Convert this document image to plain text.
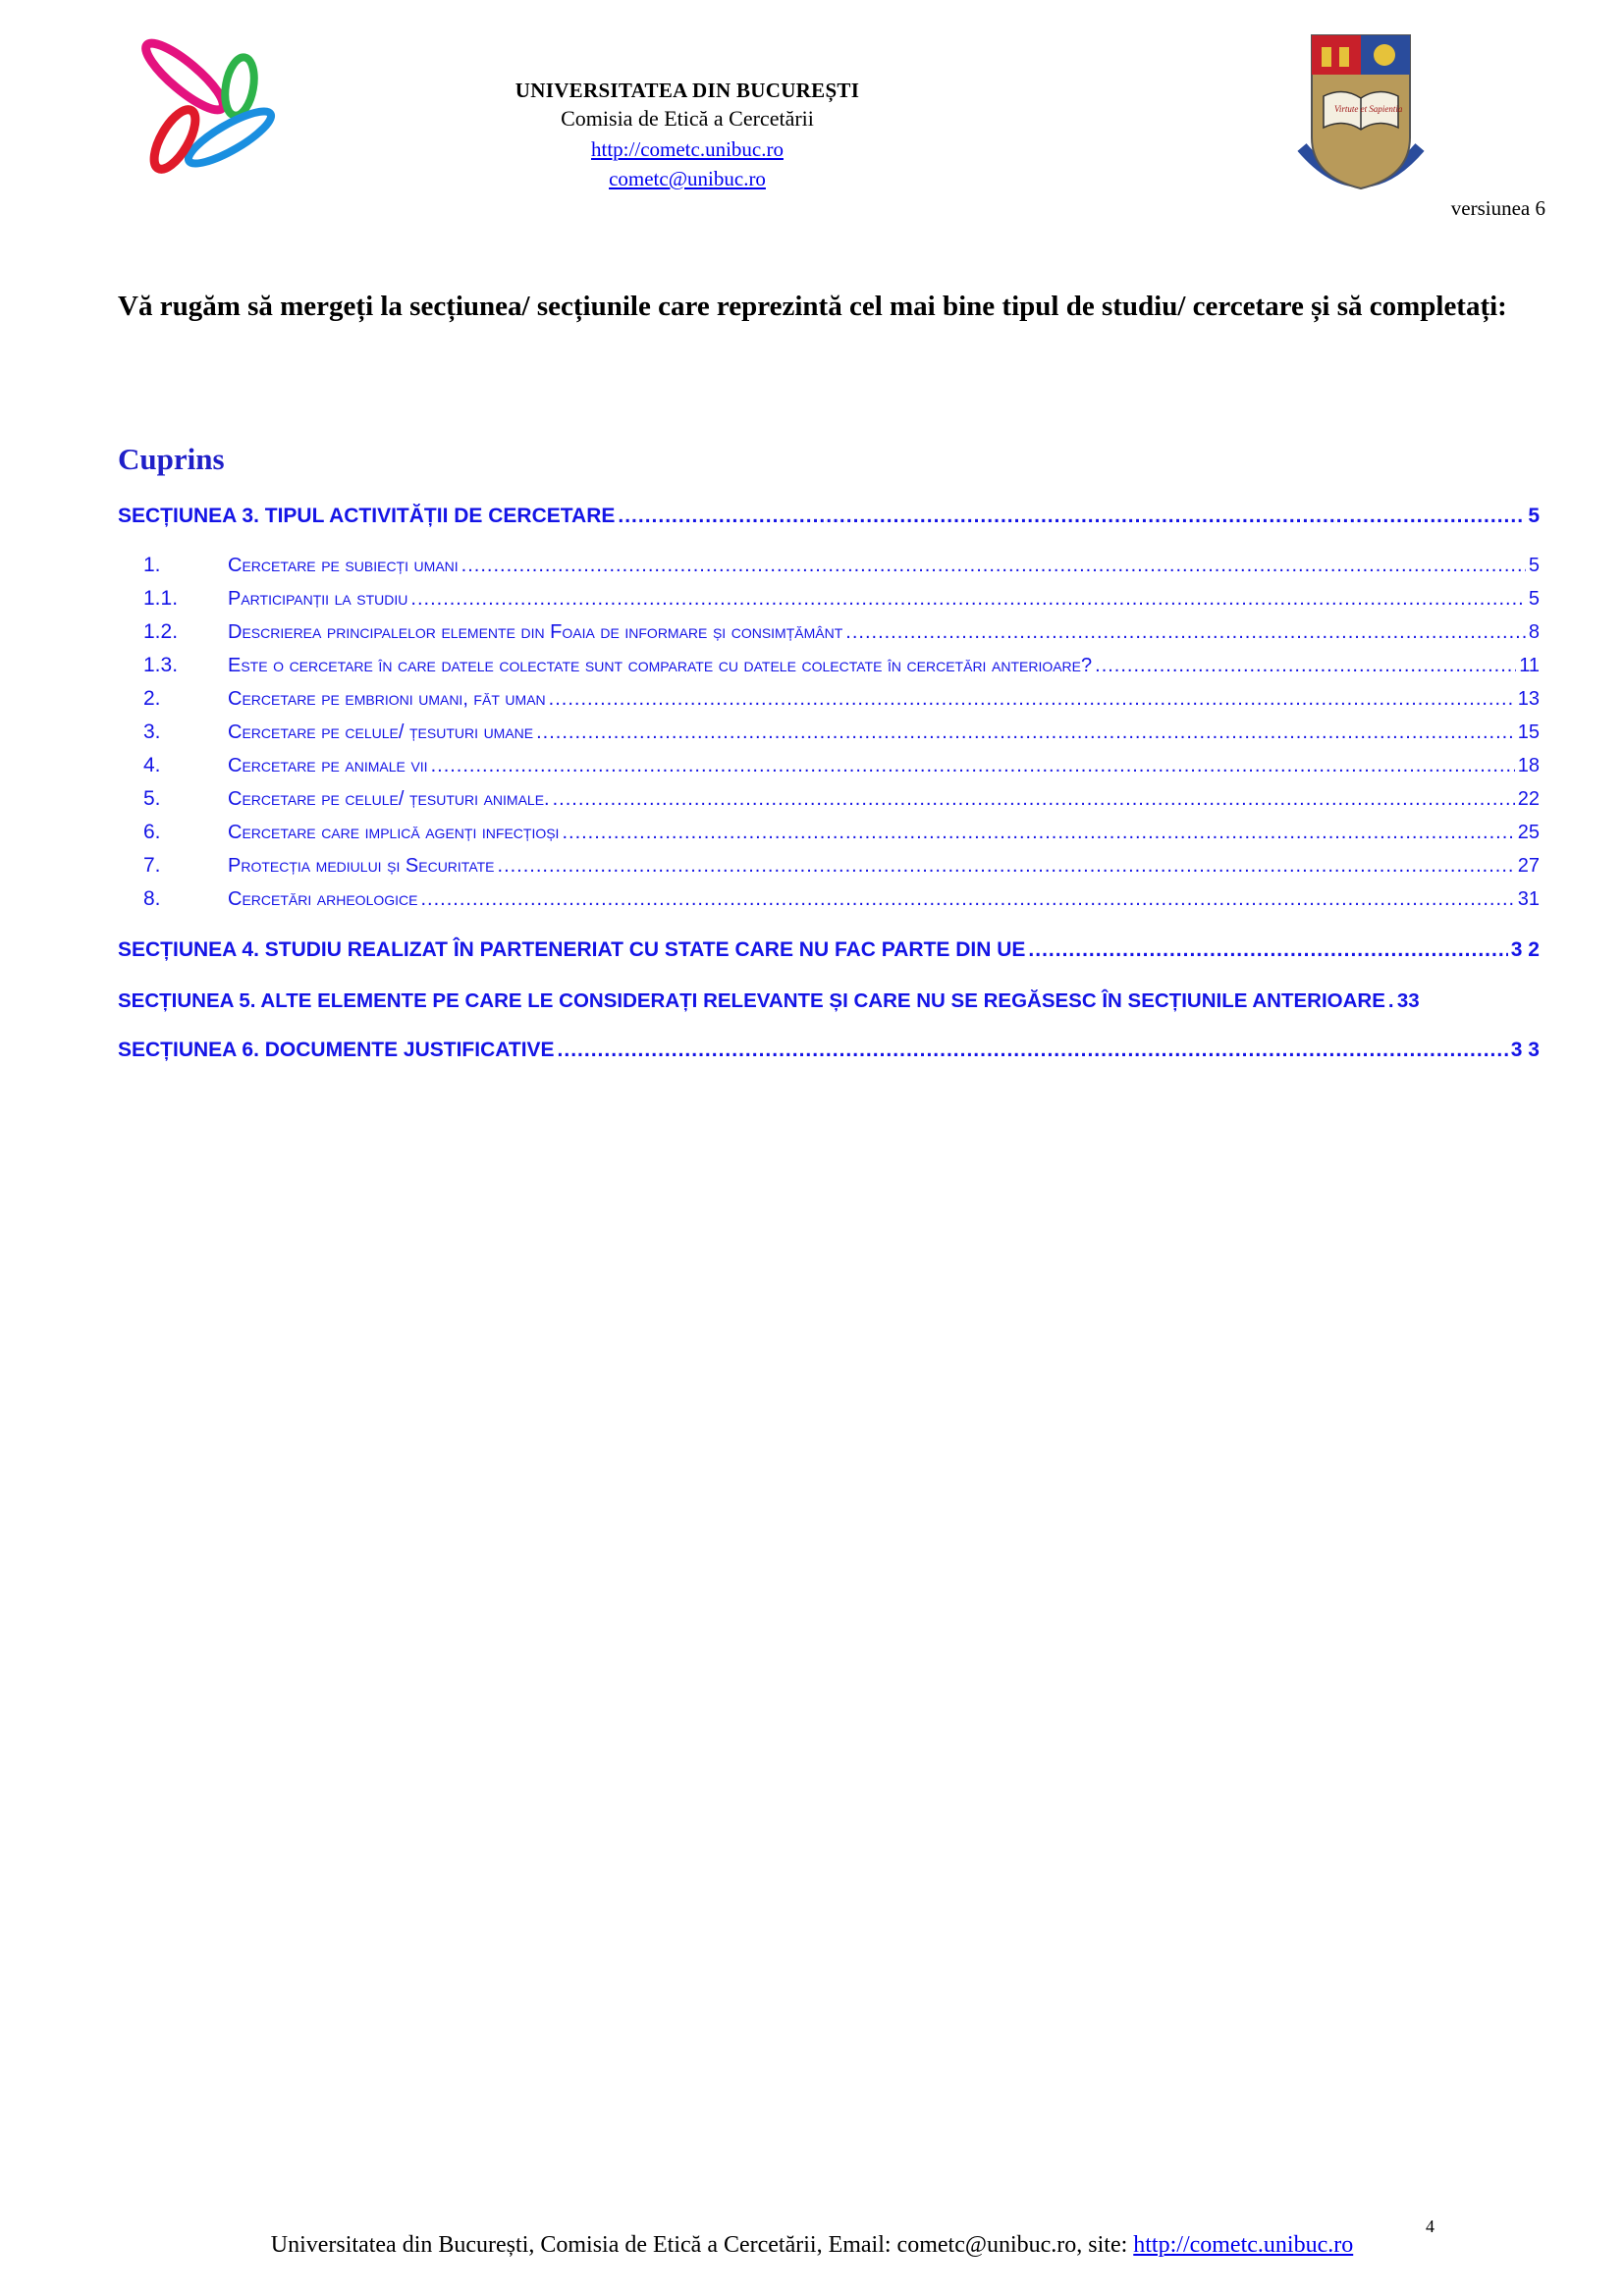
Virtute et Sapientia
UNIVERSITATEA DIN BUCUREȘTI
Comisia de Etică a Cercetării
http://cometc.unibuc.ro
cometc@unibuc.ro
versiunea 6
Vă rugăm să mergeți la secțiunea/ secțiunile care reprezintă cel mai bine tipul de studiu/ cercetare și să completați:
Cuprins
SECȚIUNEA 3. TIPUL ACTIVITĂȚII DE CERCETARE .....	5
1.	Cercetare pe subiecți umani .....	5
1.1.	Participanții la studiu .....	5
1.2.	Descrierea principalelor elemente din Foaia de informare și consimțământ .....	8
1.3.	Este o cercetare în care datele colectate sunt comparate cu datele colectate în cercetări anterioare? .....	11
2.	Cercetare pe embrioni umani, făt uman .....	13
3.	Cercetare pe celule/ țesuturi umane .....	15
4.	Cercetare pe animale vii .....	18
5.	Cercetare pe celule/ țesuturi animale. .....	22
6.	Cercetare care implică agenți infecțioși .....	25
7.	Protecția mediului și Securitate .....	27
8.	Cercetări arheologice .....	31
SECȚIUNEA 4. STUDIU REALIZAT ÎN PARTENERIAT CU STATE CARE NU FAC PARTE DIN UE .....	3 2
SECȚIUNEA 5. ALTE ELEMENTE PE CARE LE CONSIDERAȚI RELEVANTE ȘI CARE NU SE REGĂSESC ÎN SECȚIUNILE ANTERIOARE ..... 33
SECȚIUNEA 6. DOCUMENTE JUSTIFICATIVE .....	3 3
4
Universitatea din București, Comisia de Etică a Cercetării, Email: cometc@unibuc.ro, site: http://cometc.unibuc.ro
